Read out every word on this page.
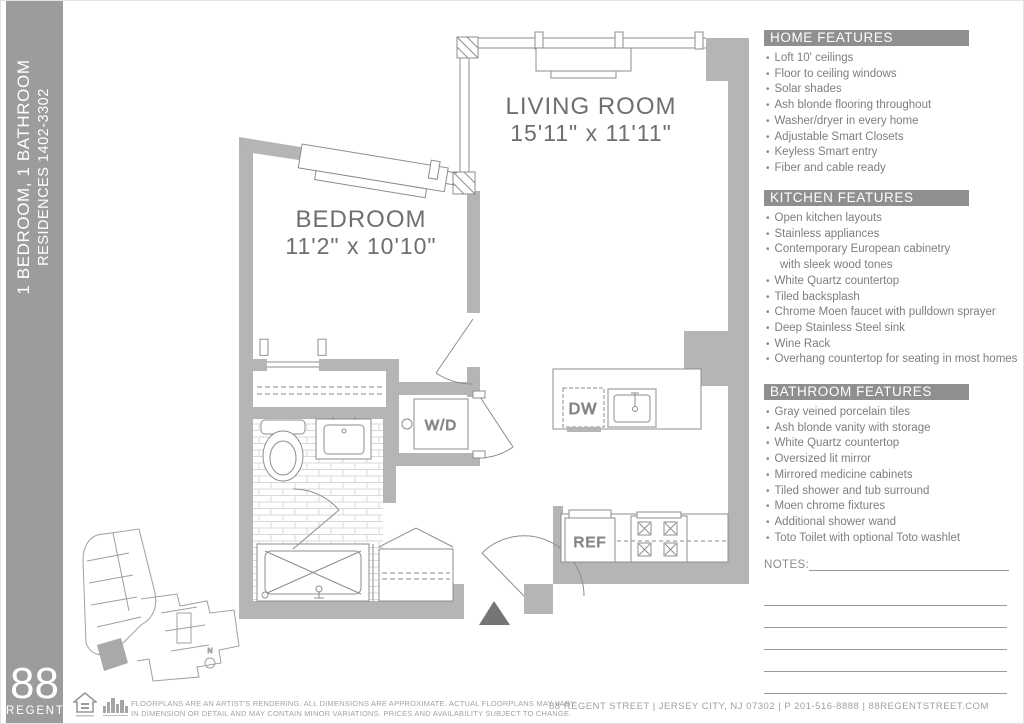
W/D
DW
REF
LIVING ROOM
15'11" x 11'11"
BEDROOM
11'2" x 10'10"
N
1 BEDROOM, 1 BATHROOM RESIDENCES 1402-3302
88
REGENT
HOME FEATURES
• Loft 10' ceilings
• Floor to ceiling windows
• Solar shades
• Ash blonde flooring throughout
• Washer/dryer in every home
• Adjustable Smart Closets
• Keyless Smart entry
• Fiber and cable ready
KITCHEN FEATURES
• Open kitchen layouts
• Stainless appliances
• Contemporary European cabinetry
with sleek wood tones
• White Quartz countertop
• Tiled backsplash
• Chrome Moen faucet with pulldown sprayer
• Deep Stainless Steel sink
• Wine Rack
• Overhang countertop for seating in most homes
BATHROOM FEATURES
• Gray veined porcelain tiles
• Ash blonde vanity with storage
• White Quartz countertop
• Oversized lit mirror
• Mirrored medicine cabinets
• Tiled shower and tub surround
• Moen chrome fixtures
• Additional shower wand
• Toto Toilet with optional Toto washlet
NOTES:
FLOORPLANS ARE AN ARTIST'S RENDERING. ALL DIMENSIONS ARE APPROXIMATE. ACTUAL FLOORPLANS MAY VARY
IN DIMENSION OR DETAIL AND MAY CONTAIN MINOR VARIATIONS. PRICES AND AVAILABILITY SUBJECT TO CHANGE.
88 REGENT STREET | JERSEY CITY, NJ 07302 | P 201-516-8888 | 88REGENTSTREET.COM
